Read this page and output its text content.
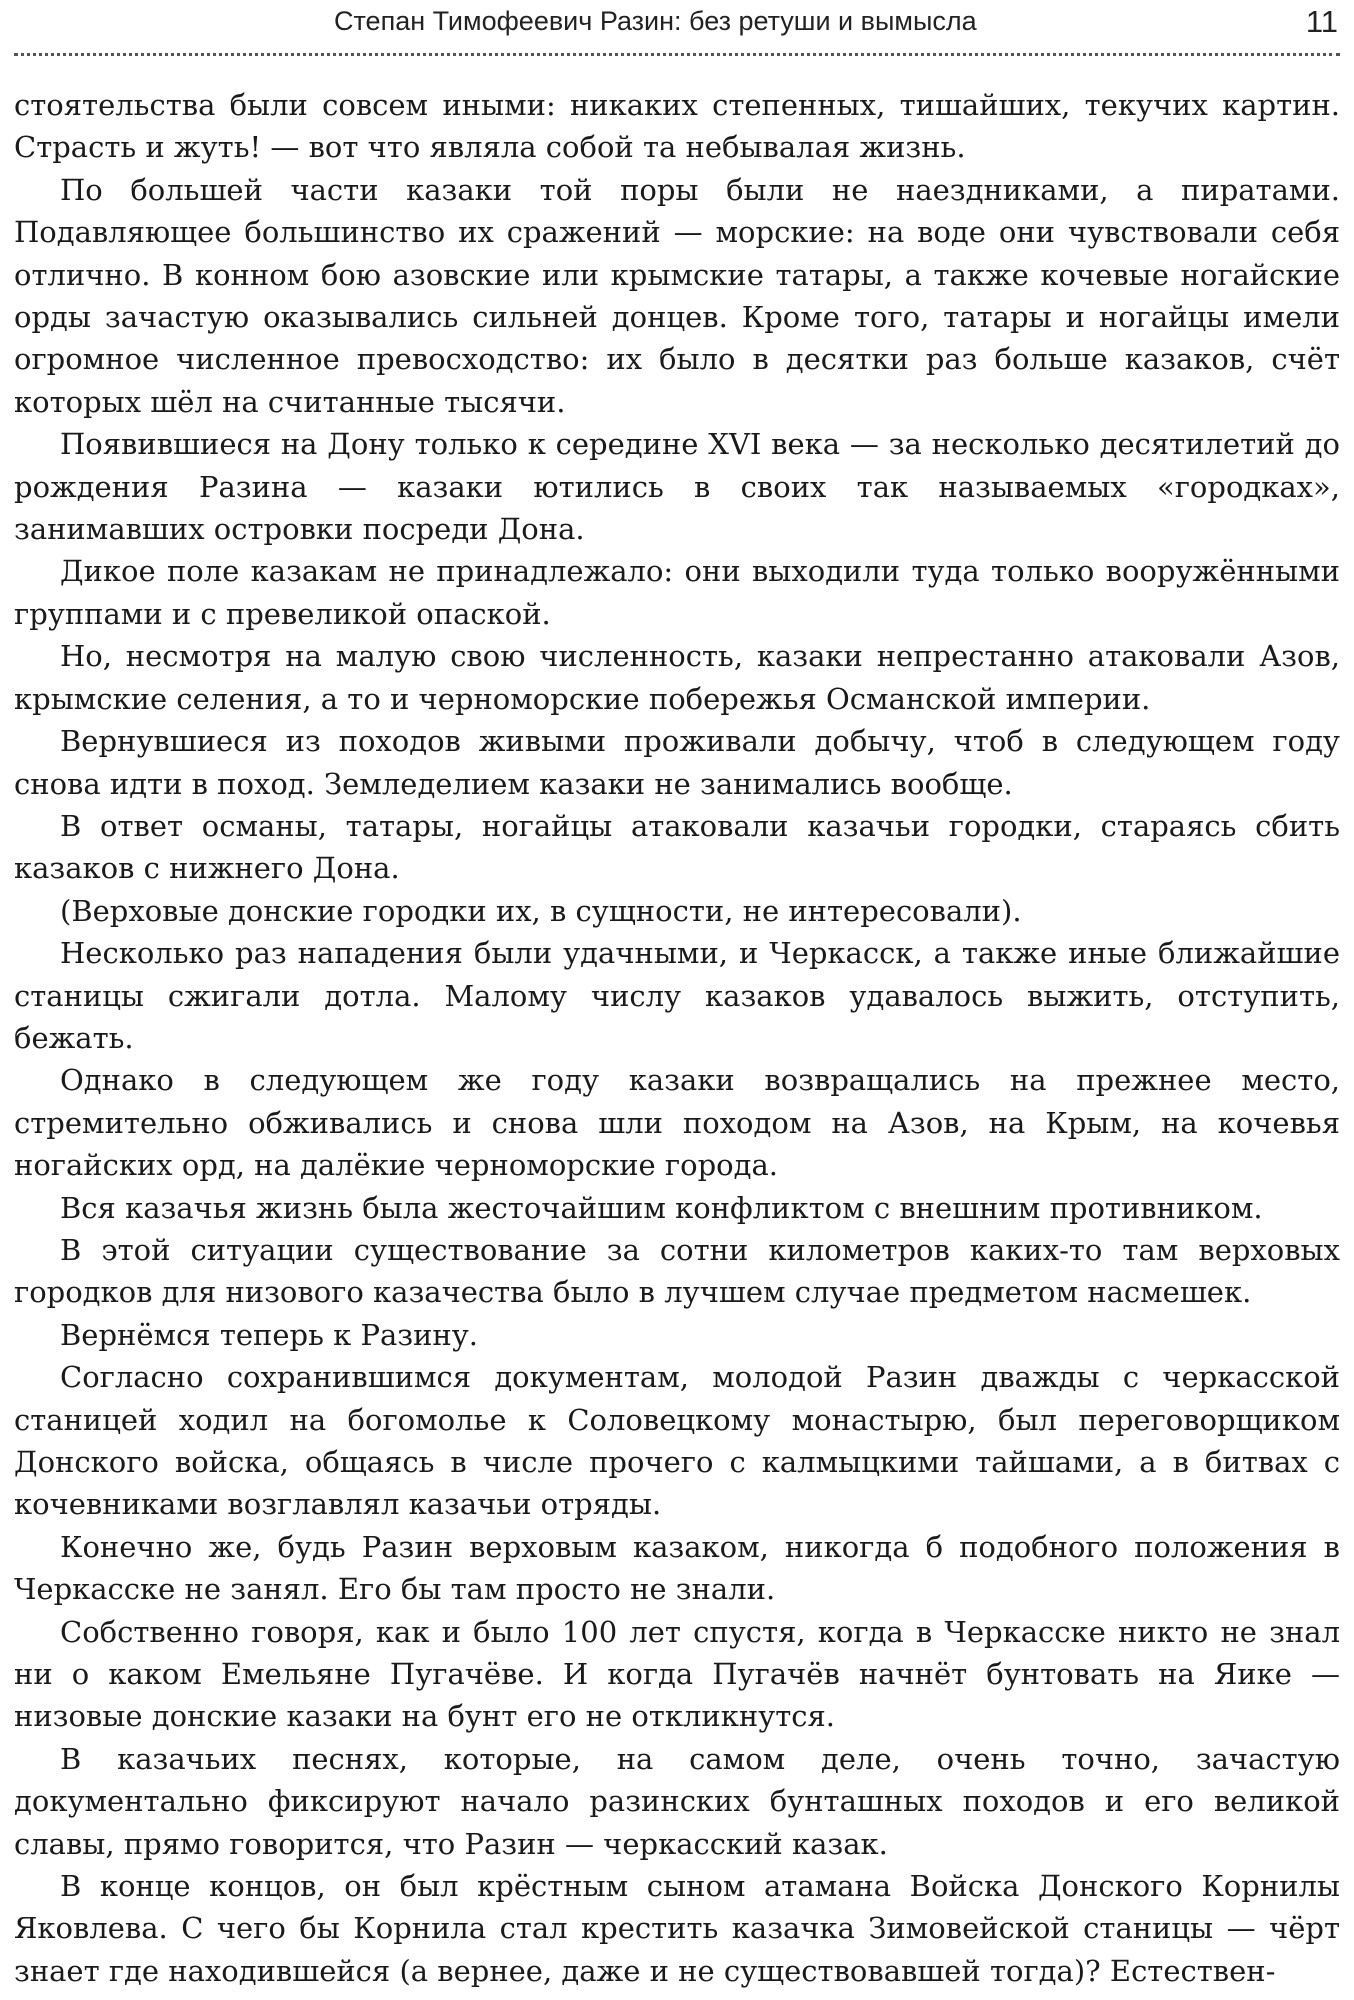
Степан Тимофеевич Разин: без ретуши и вымысла	11

стоятельства были совсем иными: никаких степенных, тишайших, текучих картин. Страсть и жуть! — вот что являла собой та небывалая жизнь.

По большей части казаки той поры были не наездниками, а пиратами. Подавляющее большинство их сражений — морские: на воде они чувствовали себя отлично. В конном бою азовские или крымские татары, а также кочевые ногайские орды зачастую оказывались сильней донцев. Кроме того, татары и ногайцы имели огромное численное превосходство: их было в десятки раз больше казаков, счёт которых шёл на считанные тысячи.

Появившиеся на Дону только к середине XVI века — за несколько десятилетий до рождения Разина — казаки ютились в своих так называемых «городках», занимавших островки посреди Дона.

Дикое поле казакам не принадлежало: они выходили туда только вооружёнными группами и с превеликой опаской.

Но, несмотря на малую свою численность, казаки непрестанно атаковали Азов, крымские селения, а то и черноморские побережья Османской империи.

Вернувшиеся из походов живыми проживали добычу, чтоб в следующем году снова идти в поход. Земледелием казаки не занимались вообще.

В ответ османы, татары, ногайцы атаковали казачьи городки, стараясь сбить казаков с нижнего Дона.

(Верховые донские городки их, в сущности, не интересовали).

Несколько раз нападения были удачными, и Черкасск, а также иные ближайшие станицы сжигали дотла. Малому числу казаков удавалось выжить, отступить, бежать.

Однако в следующем же году казаки возвращались на прежнее место, стремительно обживались и снова шли походом на Азов, на Крым, на кочевья ногайских орд, на далёкие черноморские города.

Вся казачья жизнь была жесточайшим конфликтом с внешним противником.

В этой ситуации существование за сотни километров каких-то там верховых городков для низового казачества было в лучшем случае предметом насмешек.

Вернёмся теперь к Разину.

Согласно сохранившимся документам, молодой Разин дважды с черкасской станицей ходил на богомолье к Соловецкому монастырю, был переговорщиком Донского войска, общаясь в числе прочего с калмыцкими тайшами, а в битвах с кочевниками возглавлял казачьи отряды.

Конечно же, будь Разин верховым казаком, никогда б подобного положения в Черкасске не занял. Его бы там просто не знали.

Собственно говоря, как и было 100 лет спустя, когда в Черкасске никто не знал ни о каком Емельяне Пугачёве. И когда Пугачёв начнёт бунтовать на Яике — низовые донские казаки на бунт его не откликнутся.

В казачьих песнях, которые, на самом деле, очень точно, зачастую документально фиксируют начало разинских бунташных походов и его великой славы, прямо говорится, что Разин — черкасский казак.

В конце концов, он был крёстным сыном атамана Войска Донского Корнилы Яковлева. С чего бы Корнила стал крестить казачка Зимовейской станицы — чёрт знает где находившейся (а вернее, даже и не существовавшей тогда)? Естествен-
